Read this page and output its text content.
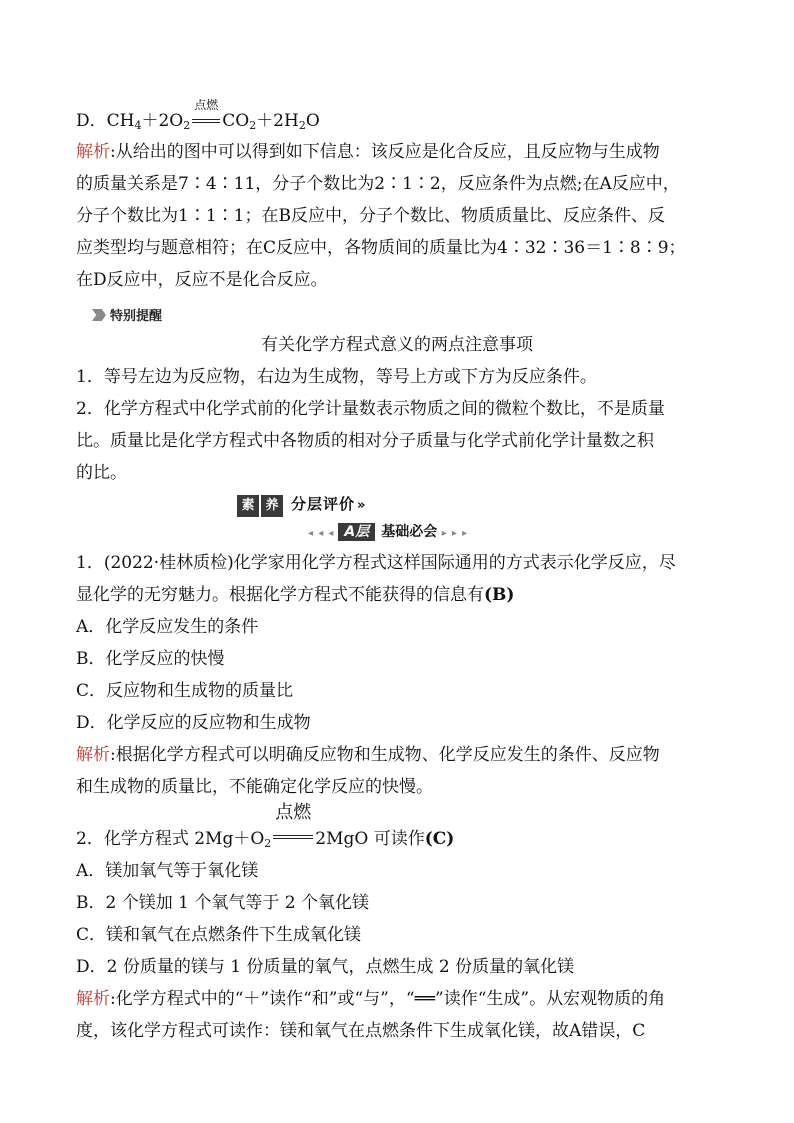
D．$CH_4+2O_2$
点燃
$CO_2+2H_2O$
解析:从给出的图中可以得到如下信息：该反应是化合反应，且反应物与生成物
的质量关系是7∶4∶11，分子个数比为2∶1∶2，反应条件为点燃;在A反应中，
分子个数比为1∶1∶1；在B反应中，分子个数比、物质质量比、反应条件、反
应类型均与题意相符；在C反应中，各物质间的质量比为4∶32∶36＝1∶8∶9；
在D反应中，反应不是化合反应。
特别提醒
有关化学方程式意义的两点注意事项
1．等号左边为反应物，右边为生成物，等号上方或下方为反应条件。
2．化学方程式中化学式前的化学计量数表示物质之间的微粒个数比，不是质量
比。质量比是化学方程式中各物质的相对分子质量与化学式前化学计量数之积
的比。
素 养 分层评价 »
◂ ◂ ◂ A层 基础必会 ▸ ▸ ▸
1．(2022·桂林质检)化学家用化学方程式这样国际通用的方式表示化学反应，尽
显化学的无穷魅力。根据化学方程式不能获得的信息有(B)
A．化学反应发生的条件
B．化学反应的快慢
C．反应物和生成物的质量比
D．化学反应的反应物和生成物
解析:根据化学方程式可以明确反应物和生成物、化学反应发生的条件、反应物
和生成物的质量比，不能确定化学反应的快慢。
2．化学方程式 $2Mg+O_2$
点燃
2MgO 可读作(C)
A．镁加氧气等于氧化镁
B．2 个镁加 1 个氧气等于 2 个氧化镁
C．镁和氧气在点燃条件下生成氧化镁
D．2 份质量的镁与 1 份质量的氧气，点燃生成 2 份质量的氧化镁
解析:化学方程式中的“＋”读作“和”或“与”，“══”读作“生成”。从宏观物质的角
度，该化学方程式可读作：镁和氧气在点燃条件下生成氧化镁，故A错误，C
